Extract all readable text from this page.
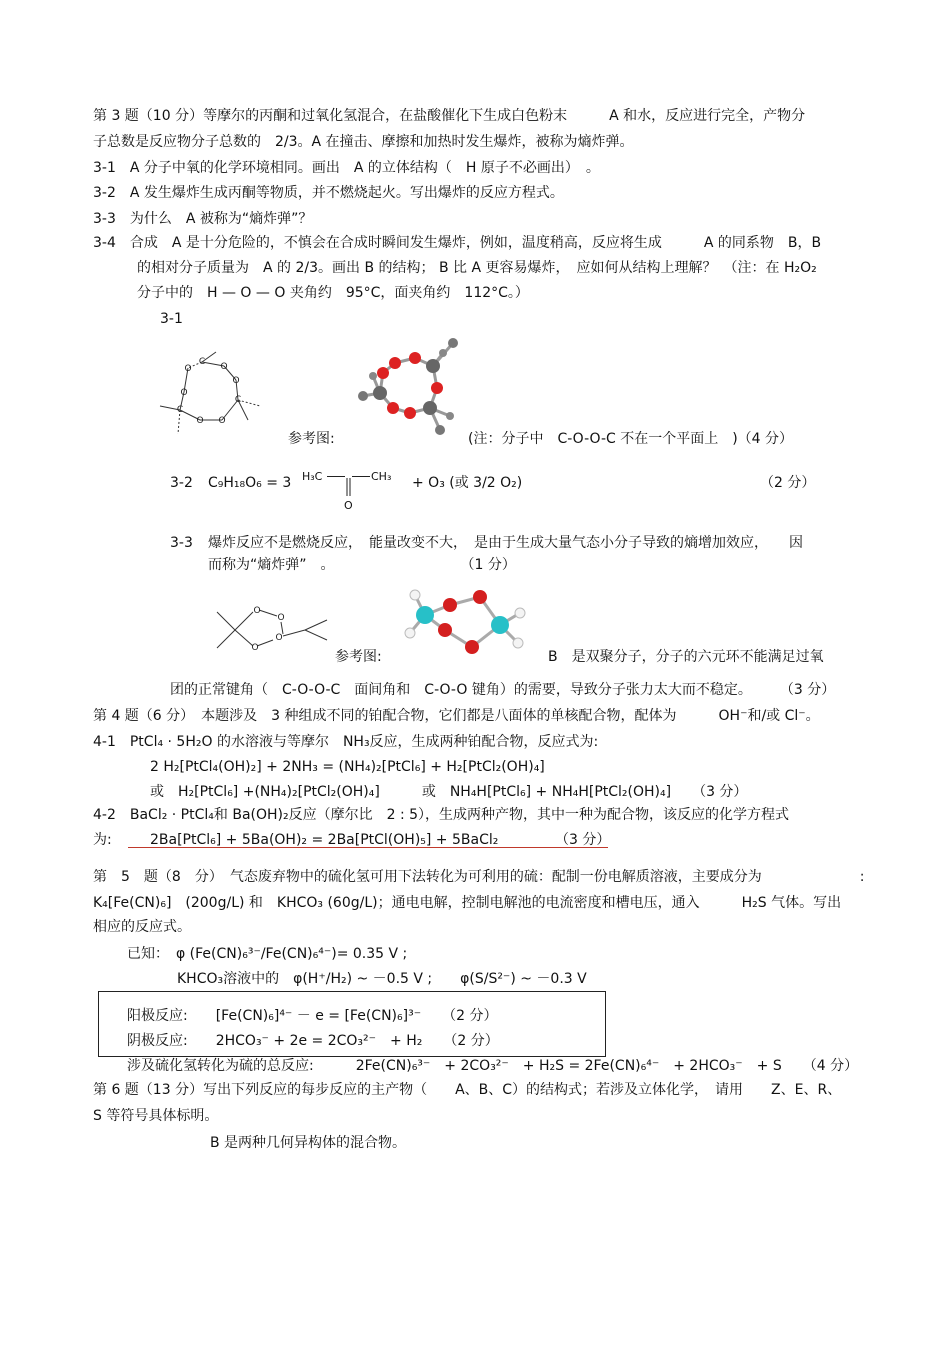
第 3 题（10 分）等摩尔的丙酮和过氧化氢混合，在盐酸催化下生成白色粉末　　　A 和水，反应进行完全，产物分
子总数是反应物分子总数的　2/3。A 在撞击、摩擦和加热时发生爆炸，被称为熵炸弹。
3-1　A 分子中氧的化学环境相同。画出　A 的立体结构（　H 原子不必画出）　。
3-2　A 发生爆炸生成丙酮等物质，并不燃烧起火。写出爆炸的反应方程式。
3-3　为什么　A 被称为“熵炸弹”？
3-4　合成　A 是十分危险的，不慎会在合成时瞬间发生爆炸，例如，温度稍高，反应将生成　　　A 的同系物　B，B
的相对分子质量为　A 的 2/3。画出 B 的结构； B 比 A 更容易爆炸，　应如何从结构上理解？　（注：在 H₂O₂
分子中的　H — O — O 夹角约　95°C，面夹角约　112°C。）
3-1
C O
O
C
O
O
C
O
O
参考图:	(注：分子中　C-O-O-C 不在一个平面上　)（4 分）
3-2 C₉H₁₈O₆ = 3 H₃C	CH₃
O
+ O₃ (或 3/2 O₂)	（2 分）
3-3 爆炸反应不是燃烧反应，　能量改变不大，　是由于生成大量气态小分子导致的熵增加效应，　　因
而称为“熵炸弹”　。　　　　　　　　　　（1 分）
O
O
O
O
参考图:	B　是双聚分子，分子的六元环不能满足过氧
团的正常键角（　C-O-O-C　面间角和　C-O-O 键角）的需要，导致分子张力太大而不稳定。　　　（3 分）
第 4 题（6 分）　本题涉及　3 种组成不同的铂配合物，它们都是八面体的单核配合物，配体为　　　OH⁻和/或 Cl⁻。
4-1　PtCl₄ · 5H₂O 的水溶液与等摩尔　NH₃反应，生成两种铂配合物，反应式为:
2 H₂[PtCl₄(OH)₂] + 2NH₃ = (NH₄)₂[PtCl₆] + H₂[PtCl₂(OH)₄]
或　H₂[PtCl₆] +(NH₄)₂[PtCl₂(OH)₄]　　　或　NH₄H[PtCl₆] + NH₄H[PtCl₂(OH)₄]　　（3 分）
4-2　BaCl₂ · PtCl₄和 Ba(OH)₂反应（摩尔比　2 : 5），生成两种产物，其中一种为配合物，该反应的化学方程式
为:	2Ba[PtCl₆] + 5Ba(OH)₂ = 2Ba[PtCl(OH)₅] + 5BaCl₂	（3 分）
第　5　题（8　分）　气态废弃物中的硫化氢可用下法转化为可利用的硫：配制一份电解质溶液，主要成分为　　　　　　　:
K₄[Fe(CN)₆]　(200g/L) 和　KHCO₃ (60g/L)；通电电解，控制电解池的电流密度和槽电压，通入　　　H₂S 气体。写出
相应的反应式。
已知：　φ (Fe(CN)₆³⁻/Fe(CN)₆⁴⁻)= 0.35 V ;
KHCO₃溶液中的　φ(H⁺/H₂) ~ －0.5 V ;　　φ(S/S²⁻) ~ －0.3 V
阳极反应:　　[Fe(CN)₆]⁴⁻ － e = [Fe(CN)₆]³⁻　　（2 分）
阴极反应:　　2HCO₃⁻ + 2e = 2CO₃²⁻　+ H₂　　（2 分）
涉及硫化氢转化为硫的总反应:　　　2Fe(CN)₆³⁻　+ 2CO₃²⁻　+ H₂S = 2Fe(CN)₆⁴⁻　+ 2HCO₃⁻　+ S　　（4 分）
第 6 题（13 分）写出下列反应的每步反应的主产物（　　A、B、C）的结构式；若涉及立体化学，　请用　　Z、E、R、
S 等符号具体标明。
B 是两种几何异构体的混合物。
